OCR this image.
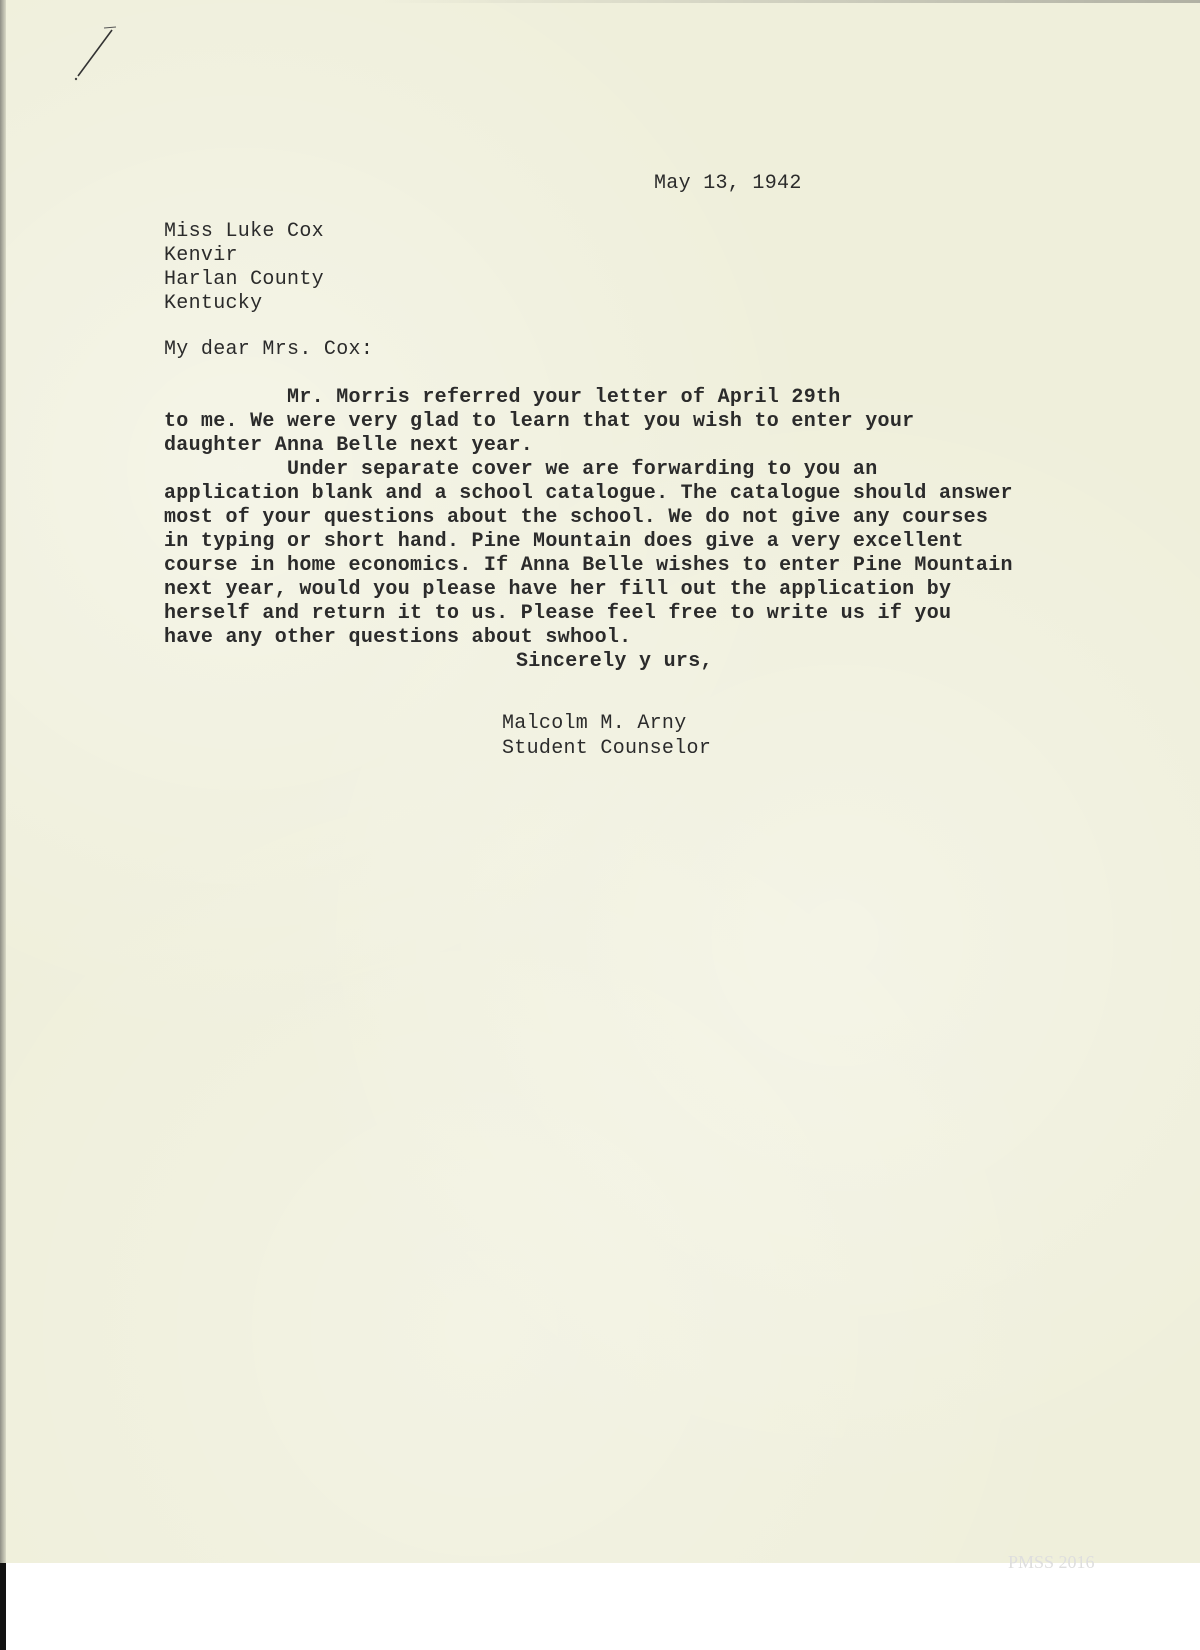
May 13, 1942
Miss Luke Cox
Kenvir
Harlan County
Kentucky
My dear Mrs. Cox:
Mr. Morris referred your letter of April 29th
to me. We were very glad to learn that you wish to enter your
daughter Anna Belle next year.
Under separate cover we are forwarding to you an
application blank and a school catalogue. The catalogue should answer
most of your questions about the school. We do not give any courses
in typing or short hand. Pine Mountain does give a very excellent
course in home economics. If Anna Belle wishes to enter Pine Mountain
next year, would you please have her fill out the application by
herself and return it to us. Please feel free to write us if you
have any other questions about swhool.
Sincerely y urs,
Malcolm M. Arny
Student Counselor
PMSS 2016
